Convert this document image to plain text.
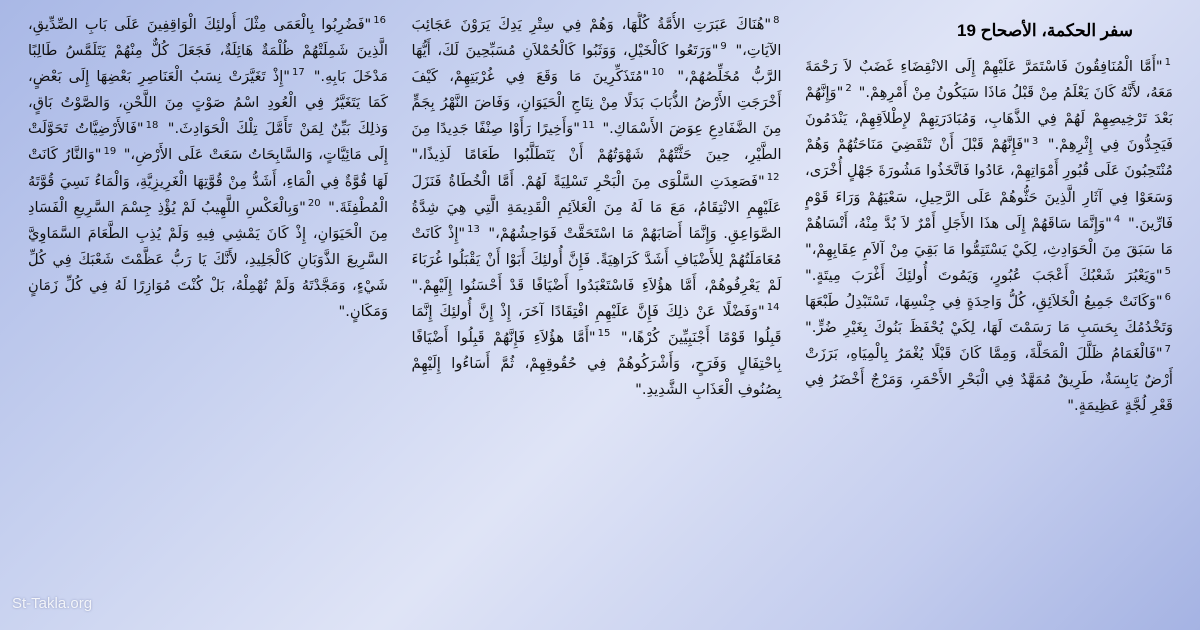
سفر الحكمة، الأصحاح 19
$^1$"أَمَّا الْمُنَافِقُونَ فَاسْتَمَرَّ عَلَيْهِمْ إِلَى الانْقِضَاءِ غَضَبٌ لاَ رَحْمَةَ مَعَهُ، لأَنَّهُ كَانَ يَعْلَمُ مِنْ قَبْلُ مَاذَا سَيَكُونُ مِنْ أَمْرِهِمْ." $^2$"وَإِنَّهُمْ بَعْدَ تَرْخِيصِهِمْ لَهُمْ فِي الذَّهَابِ، وَمُبَادَرَتِهِمْ لإِطْلاَقِهِمْ، يَنْدَمُونَ فَيَجِدُّونَ فِي إِثْرِهِمْ." $^3$"فَإِنَّهُمْ قَبْلَ أَنْ تَنْقَضِيَ مَنَاحَتُهُمْ وَهُمْ مُنْتَحِبُونَ عَلَى قُبُورِ أَمْوَاتِهِمْ، عَادُوا فَاتَّخَذُوا مَشُورَةَ جَهْلٍ أُخْرَى، وَسَعَوْا فِي آثَارِ الَّذِينَ حَثُّوهُمْ عَلَى الرَّحِيلِ، سَعْيَهُمْ وَرَاءَ قَوْمٍ فَارِّينَ." $^4$"وَإِنَّمَا سَاقَهُمْ إِلَى هذَا الأَجَلِ أَمْرٌ لاَ بُدَّ مِنْهُ، أَنْسَاهُمْ مَا سَبَقَ مِنَ الْحَوَادِثِ، لِكَيْ يَسْتَتِمُّوا مَا بَقِيَ مِنْ آلاَمِ عِقَابِهِمْ،" $^5$"وَيَعْبُرَ شَعْبُكَ أَعْجَبَ عُبُورٍ، وَيَمُوتَ أُولئِكَ أَغْرَبَ مِيتَةٍ." $^6$"وَكَانَتْ جَمِيعُ الْخَلاَئِقِ، كُلُّ وَاحِدَةٍ فِي جِنْسِهَا، تَسْتَبْدِلُ طَبْعَهَا وَتَخْدُمُكَ بِحَسَبِ مَا رَسَمْتَ لَهَا، لِكَيْ يُحْفَظَ بَنُوكَ بِغَيْرِ ضُرٍّ." $^7$"فَالْغَمَامُ ظَلَّلَ الْمَحَلَّةَ، وَمِمَّا كَانَ قَبْلًا يُغْمَرُ بِالْمِيَاهِ، بَرَزَتْ أَرْضٌ يَابِسَةٌ، طَرِيقٌ مُمَهَّدٌ فِي الْبَحْرِ الأَحْمَرِ، وَمَرْجٌ أَخْضَرُ فِي قَعْرِ لُجَّةٍ عَظِيمَةٍ."
$^8$"هُنَاكَ عَبَرَتِ الأُمَّةُ كُلُّهَا، وَهُمْ فِي سِتْرِ يَدِكَ يَرَوْنَ عَجَائِبَ الآيَاتِ،" $^9$"وَرَتَعُوا كَالْخَيْلِ، وَوَثَبُوا كَالْحُمْلاَنِ مُسَبِّحِينَ لَكَ، أَيُّهَا الرَّبُّ مُخَلِّصُهُمْ،" $^{10}$"مُتَذَكِّرِينَ مَا وَقَعَ فِي غُرْبَتِهِمْ، كَيْفَ أَخْرَجَتِ الأَرْضُ الذُّبَابَ بَدَلًا مِنْ نِتَاجِ الْحَيَوَانِ، وَفَاضَ النَّهْرُ بِجَمٍّ مِنَ الضَّفَادِعِ عِوَضَ الأَسْمَاكِ." $^{11}$"وَأَخِيرًا رَأَوْا صِنْفًا جَدِيدًا مِنَ الطَّيْرِ، حِينَ حَثَّتْهُمْ شَهْوَتُهُمْ أَنْ يَتَطَلَّبُوا طَعَامًا لَذِيذًا،" $^{12}$"فَصَعِدَتِ السَّلْوَى مِنَ الْبَحْرِ تَسْلِيَةً لَهُمْ. أَمَّا الْخُطَاةُ فَنَزَلَ عَلَيْهِمِ الانْتِقَامُ، مَعَ مَا لَهُ مِنَ الْعَلاَئِمِ الْقَدِيمَةِ الَّتِي هِيَ شِدَّةُ الصَّوَاعِقِ. وَإِنَّمَا أَصَابَهُمْ مَا اسْتَحَقَّتْ فَوَاحِشُهُمْ،" $^{13}$"إِذْ كَانَتْ مُعَامَلَتُهُمْ لِلأَضْيَافِ أَشَدَّ كَرَاهِيَةً. فَإِنَّ أُولئِكَ أَبَوْا أَنْ يَقْبَلُوا غُرَبَاءَ لَمْ يَعْرِفُوهُمْ، أَمَّا هؤُلاَءِ فَاسْتَعْبَدُوا أَضْيَافًا قَدْ أَحْسَنُوا إِلَيْهِمْ." $^{14}$"وَفَضْلًا عَنْ ذلِكَ فَإِنَّ عَلَيْهِمِ افْتِقَادًا آخَرَ، إِذْ إِنَّ أُولئِكَ إِنَّمَا قَبِلُوا قَوْمًا أَجْنَبِيِّينَ كُرْهًا،" $^{15}$"أَمَّا هؤُلاَءِ فَإِنَّهُمْ قَبِلُوا أَضْيَافًا بِاحْتِفَالٍ وَفَرَحٍ، وَأَشْرَكُوهُمْ فِي حُقُوقِهِمْ، ثُمَّ أَسَاءُوا إِلَيْهِمْ بِصُنُوفِ الْعَذَابِ الشَّدِيدِ."
$^{16}$"فَضُرِبُوا بِالْعَمَى مِثْلَ أُولئِكَ الْوَاقِفِينَ عَلَى بَابِ الصِّدِّيقِ، الَّذِينَ شَمِلَتْهُمْ ظُلْمَةٌ هَائِلَةٌ، فَجَعَلَ كُلٌّ مِنْهُمْ يَتَلَمَّسُ طَالِبًا مَدْخَلَ بَابِهِ." $^{17}$"إِذْ تَغَيَّرَتْ نِسَبُ الْعَنَاصِرِ بَعْضِهَا إِلَى بَعْضٍ، كَمَا يَتَغَيَّرُ فِي الْعُودِ اسْمُ صَوْتٍ مِنَ اللَّحْنِ، وَالصَّوْتُ بَاقٍ، وَذلِكَ بَيِّنٌ لِمَنْ تَأَمَّلَ تِلْكَ الْحَوَادِثَ." $^{18}$"فَالأَرْضِيَّاتُ تَحَوَّلَتْ إِلَى مَائِيَّاتٍ، وَالسَّابِحَاتُ سَعَتْ عَلَى الأَرْضِ،" $^{19}$"وَالنَّارُ كَانَتْ لَهَا قُوَّةٌ فِي الْمَاءِ، أَشَدُّ مِنْ قُوَّتِهَا الْغَرِيزِيَّةِ، وَالْمَاءُ نَسِيَ قُوَّتَهُ الْمُطْفِئَةَ." $^{20}$"وَبِالْعَكْسِ اللَّهِيبُ لَمْ يُؤْذِ جِسْمَ السَّرِيعِ الْفَسَادِ مِنَ الْحَيَوَانِ، إِذْ كَانَ يَمْشِي فِيهِ وَلَمْ يُذِبِ الطَّعَامَ السَّمَاوِيَّ السَّرِيعَ الذَّوَبَانِ كَالْجَلِيدِ، لأَنَّكَ يَا رَبُّ عَظَّمْتَ شَعْبَكَ فِي كُلِّ شَيْءٍ، وَمَجَّدْتَهُ وَلَمْ تُهْمِلْهُ، بَلْ كُنْتَ مُوَازِرًا لَهُ فِي كُلِّ زَمَانٍ وَمَكَانٍ."
St-Takla.org
